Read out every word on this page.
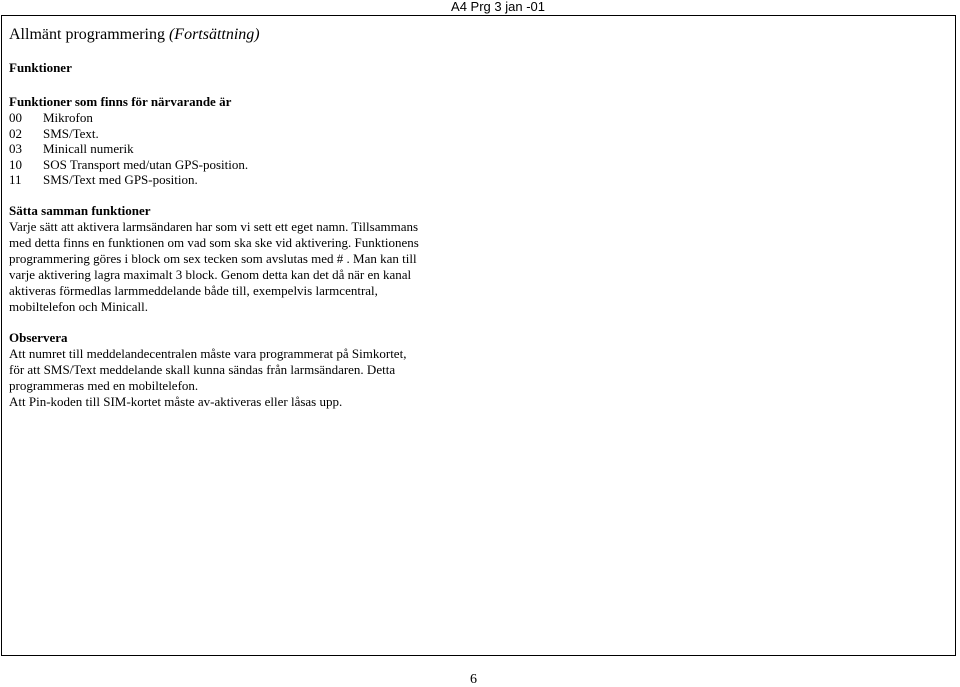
A4 Prg 3 jan -01
Allmänt programmering (Fortsättning)
Funktioner
Funktioner som finns för närvarande är
00	Mikrofon
02	SMS/Text.
03	Minicall numerik
10	SOS Transport med/utan GPS-position.
11	SMS/Text med GPS-position.
Sätta samman funktioner

Varje sätt att aktivera larmsändaren har som vi sett ett eget namn. Tillsammans med detta finns en funktionen om vad som ska ske vid aktivering. Funktionens programmering göres i block om sex tecken som avslutas med # . Man kan till varje aktivering lagra maximalt 3 block. Genom detta kan det då när en kanal aktiveras förmedlas larmmeddelande både till, exempelvis larmcentral, mobiltelefon och Minicall.

Observera

Att numret till meddelandecentralen måste vara programmerat på Simkortet, för att SMS/Text meddelande skall kunna sändas från larmsändaren. Detta programmeras med en mobiltelefon.

Att Pin-koden till SIM-kortet måste av-aktiveras eller låsas upp.

6
